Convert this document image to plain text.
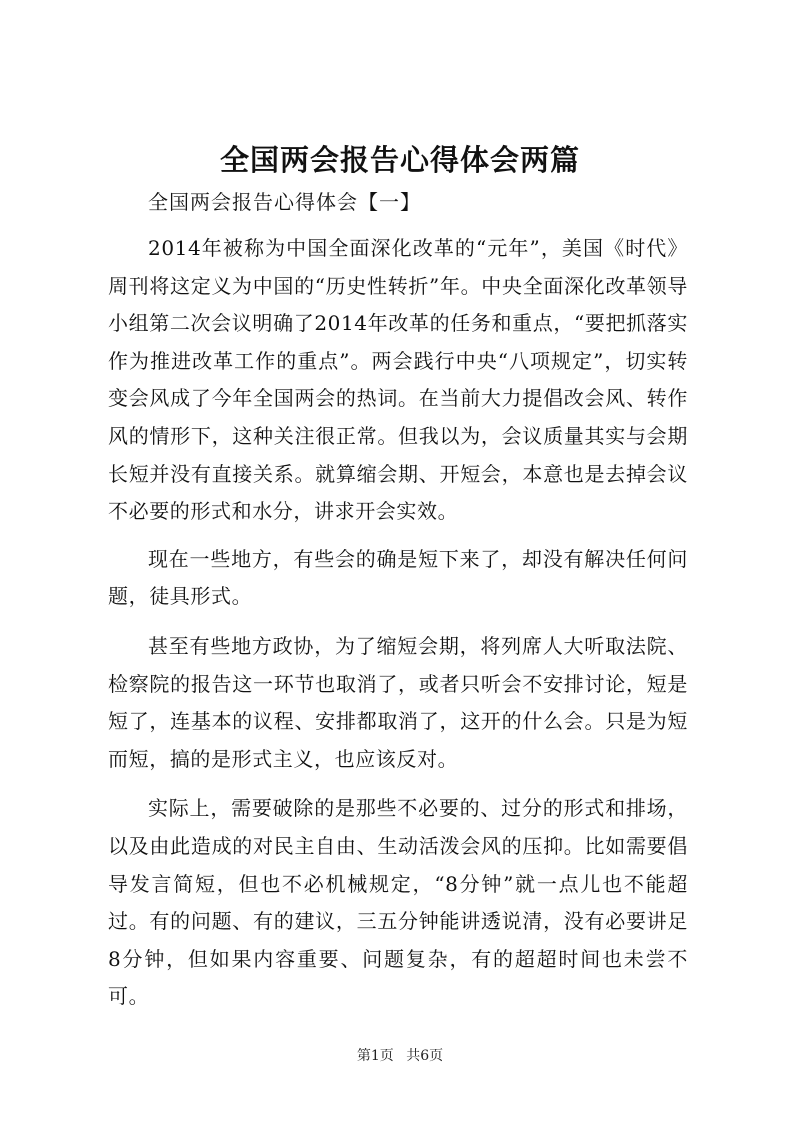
全国两会报告心得体会两篇

全国两会报告心得体会【一】

2014年被称为中国全面深化改革的“元年”，美国《时代》周刊将这定义为中国的“历史性转折”年。中央全面深化改革领导小组第二次会议明确了2014年改革的任务和重点，“要把抓落实作为推进改革工作的重点”。两会践行中央“八项规定”，切实转变会风成了今年全国两会的热词。在当前大力提倡改会风、转作风的情形下，这种关注很正常。但我以为，会议质量其实与会期长短并没有直接关系。就算缩会期、开短会，本意也是去掉会议不必要的形式和水分，讲求开会实效。

现在一些地方，有些会的确是短下来了，却没有解决任何问题，徒具形式。

甚至有些地方政协，为了缩短会期，将列席人大听取法院、检察院的报告这一环节也取消了，或者只听会不安排讨论，短是短了，连基本的议程、安排都取消了，这开的什么会。只是为短而短，搞的是形式主义，也应该反对。

实际上，需要破除的是那些不必要的、过分的形式和排场，以及由此造成的对民主自由、生动活泼会风的压抑。比如需要倡导发言简短，但也不必机械规定，“8分钟”就一点儿也不能超过。有的问题、有的建议，三五分钟能讲透说清，没有必要讲足8分钟，但如果内容重要、问题复杂，有的超超时间也未尝不可。

第1页 共6页
